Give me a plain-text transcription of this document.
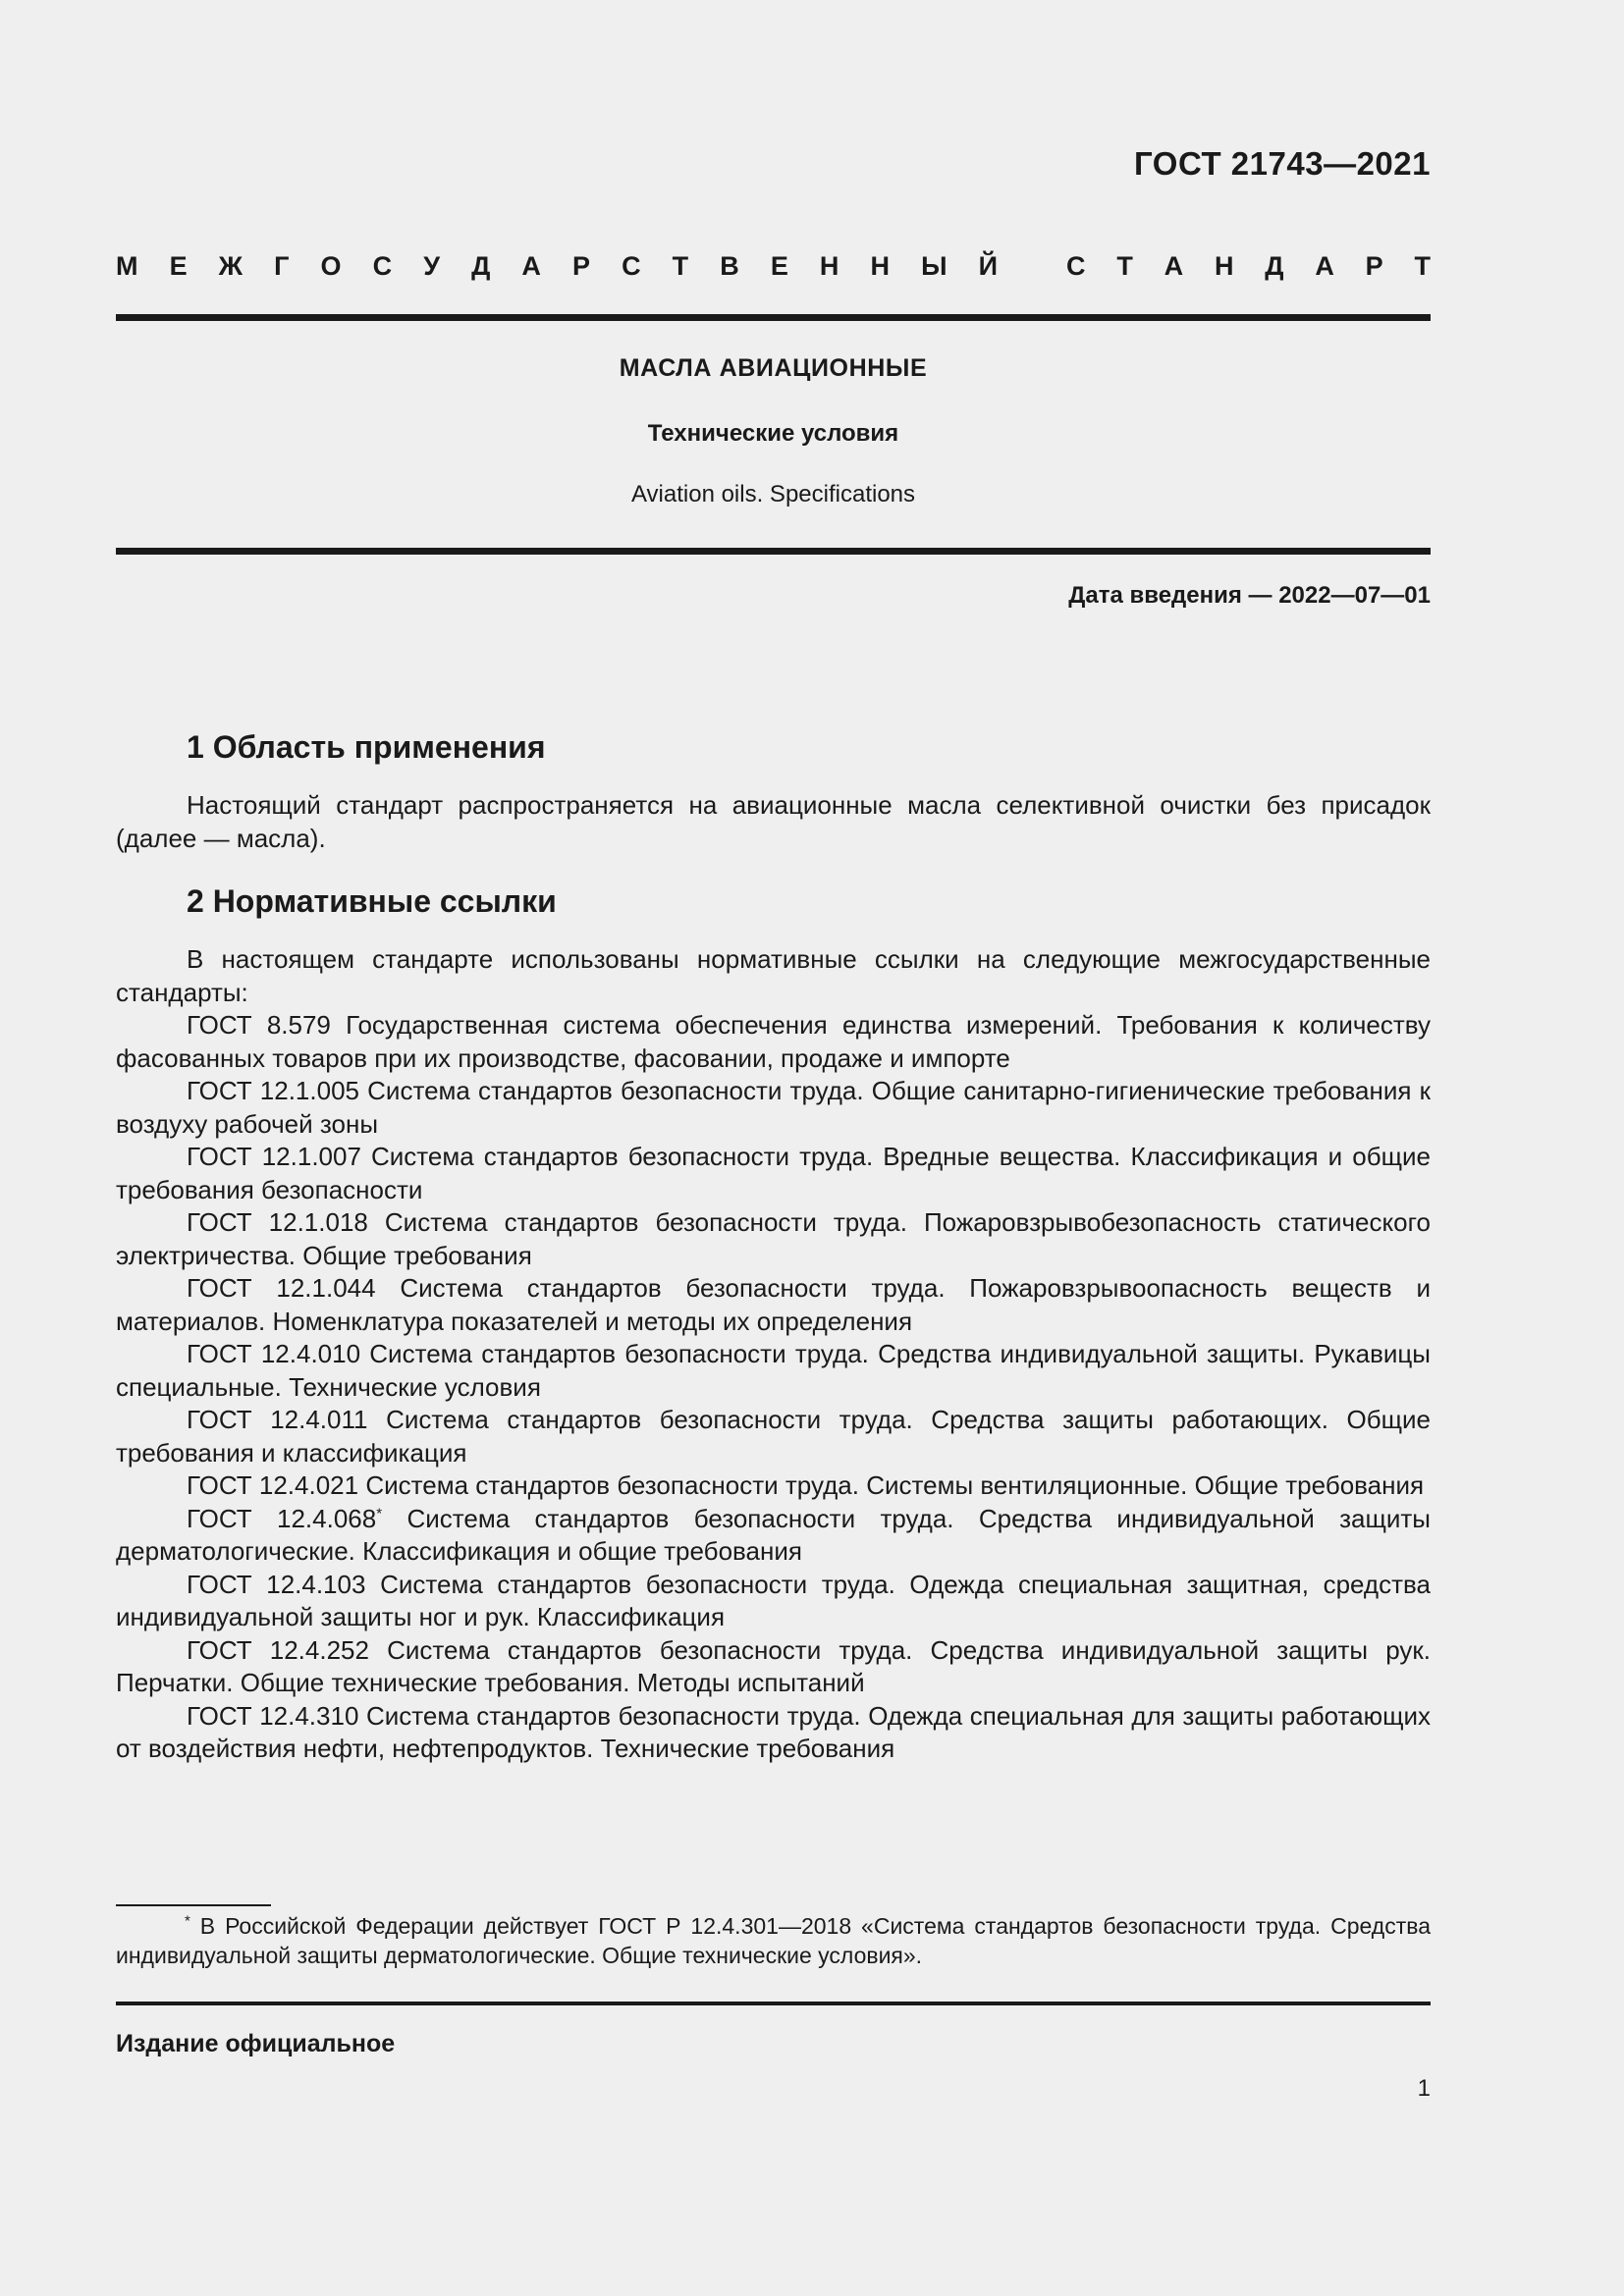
ГОСТ 21743—2021
М Е Ж Г О С У Д А Р С Т В Е Н Н Ы Й	С Т А Н Д А Р Т
МАСЛА АВИАЦИОННЫЕ
Технические условия
Aviation oils. Specifications
Дата введения — 2022—07—01
1 Область применения

Настоящий стандарт распространяется на авиационные масла селективной очистки без присадок (далее — масла).

2 Нормативные ссылки

В настоящем стандарте использованы нормативные ссылки на следующие межгосударственные стандарты:

ГОСТ 8.579 Государственная система обеспечения единства измерений. Требования к количеству фасованных товаров при их производстве, фасовании, продаже и импорте

ГОСТ 12.1.005 Система стандартов безопасности труда. Общие санитарно-гигиенические требования к воздуху рабочей зоны

ГОСТ 12.1.007 Система стандартов безопасности труда. Вредные вещества. Классификация и общие требования безопасности

ГОСТ 12.1.018 Система стандартов безопасности труда. Пожаровзрывобезопасность статического электричества. Общие требования

ГОСТ 12.1.044 Система стандартов безопасности труда. Пожаровзрывоопасность веществ и материалов. Номенклатура показателей и методы их определения

ГОСТ 12.4.010 Система стандартов безопасности труда. Средства индивидуальной защиты. Рукавицы специальные. Технические условия

ГОСТ 12.4.011 Система стандартов безопасности труда. Средства защиты работающих. Общие требования и классификация

ГОСТ 12.4.021 Система стандартов безопасности труда. Системы вентиляционные. Общие требования

ГОСТ 12.4.068* Система стандартов безопасности труда. Средства индивидуальной защиты дерматологические. Классификация и общие требования

ГОСТ 12.4.103 Система стандартов безопасности труда. Одежда специальная защитная, средства индивидуальной защиты ног и рук. Классификация

ГОСТ 12.4.252 Система стандартов безопасности труда. Средства индивидуальной защиты рук. Перчатки. Общие технические требования. Методы испытаний

ГОСТ 12.4.310 Система стандартов безопасности труда. Одежда специальная для защиты работающих от воздействия нефти, нефтепродуктов. Технические требования

* В Российской Федерации действует ГОСТ Р 12.4.301—2018 «Система стандартов безопасности труда. Средства индивидуальной защиты дерматологические. Общие технические условия».
Издание официальное
1
